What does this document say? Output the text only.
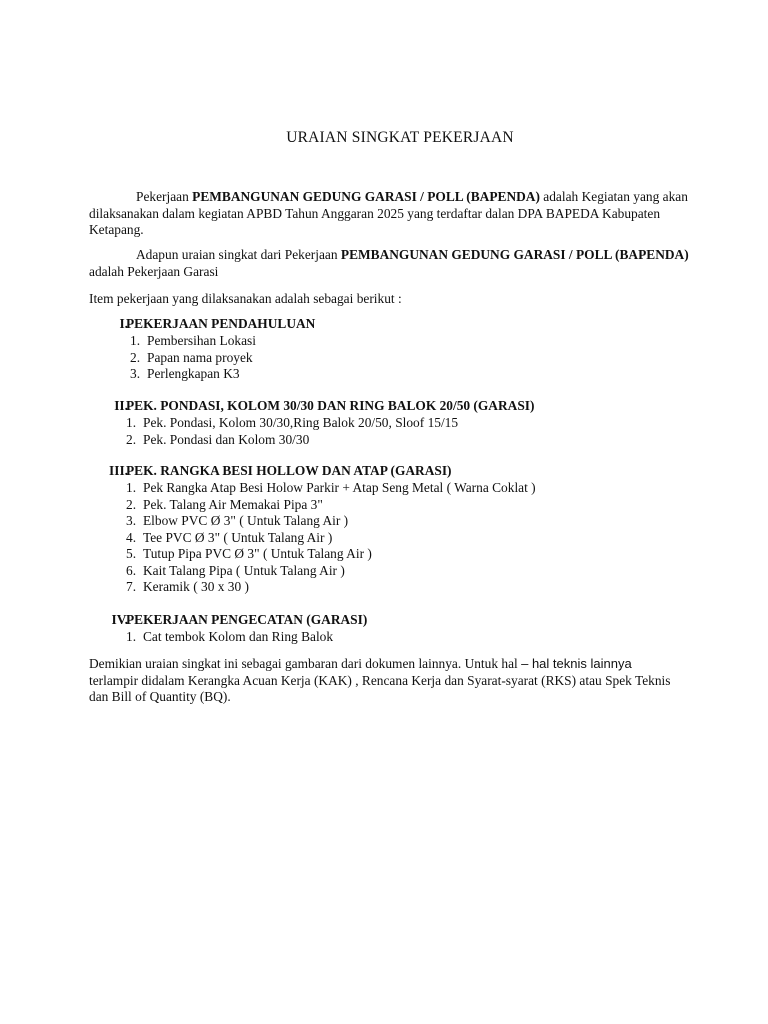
URAIAN SINGKAT PEKERJAAN

Pekerjaan PEMBANGUNAN GEDUNG GARASI / POLL (BAPENDA) adalah Kegiatan yang akan
dilaksanakan dalam kegiatan APBD Tahun Anggaran 2025 yang terdaftar dalan DPA BAPEDA Kabupaten
Ketapang.

Adapun uraian singkat dari Pekerjaan PEMBANGUNAN GEDUNG GARASI / POLL (BAPENDA)
adalah Pekerjaan Garasi

Item pekerjaan yang dilaksanakan adalah sebagai berikut :

I.
PEKERJAAN PENDAHULUAN
1. Pembersihan Lokasi
2. Papan nama proyek
3. Perlengkapan K3
II.
PEK. PONDASI, KOLOM 30/30 DAN RING BALOK 20/50 (GARASI)
1. Pek. Pondasi, Kolom 30/30,Ring Balok 20/50, Sloof 15/15
2. Pek. Pondasi dan Kolom 30/30
III.
PEK. RANGKA BESI HOLLOW DAN ATAP (GARASI)
1. Pek Rangka Atap Besi Holow Parkir + Atap Seng Metal ( Warna Coklat )
2. Pek. Talang Air Memakai Pipa 3"
3. Elbow PVC Ø 3" ( Untuk Talang Air )
4. Tee PVC Ø 3" ( Untuk Talang Air )
5. Tutup Pipa PVC Ø 3" ( Untuk Talang Air )
6. Kait Talang Pipa ( Untuk Talang Air )
7. Keramik ( 30 x 30 )
IV.
PEKERJAAN PENGECATAN (GARASI)
1. Cat tembok Kolom dan Ring Balok

Demikian uraian singkat ini sebagai gambaran dari dokumen lainnya. Untuk hal – hal teknis lainnya
terlampir didalam Kerangka Acuan Kerja (KAK) , Rencana Kerja dan Syarat-syarat (RKS) atau Spek Teknis
dan Bill of Quantity (BQ).
